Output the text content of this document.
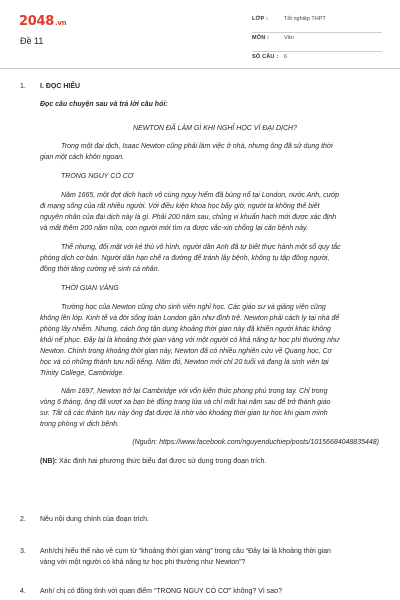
2048.vn
Đề 11
LỚP :	Tốt nghiệp THPT
MÔN :	Văn
SỐ CÂU : 6
1. I. ĐỌC HIỂU
Đọc câu chuyện sau và trả lời câu hỏi:
NEWTON ĐÃ LÀM GÌ KHI NGHỈ HỌC VÌ ĐẠI DỊCH?
Trong một đại dịch, Isaac Newton cũng phải làm việc ở nhà, nhưng ông đã sử dụng thời
gian một cách khôn ngoan.
TRONG NGUY CÓ CƠ
Năm 1665, một đợt dịch hạch vô cùng nguy hiểm đã bùng nổ tại London, nước Anh, cướp
đi mạng sống của rất nhiều người. Với điều kiện khoa học bấy giờ, người ta không thể biết
nguyên nhân của đại dịch này là gì. Phải 200 năm sau, chủng vi khuẩn hạch mới được xác định
và mất thêm 200 năm nữa, con người mới tìm ra được vắc-xin chống lại căn bệnh này.
Thế nhưng, đối mặt với kẻ thù vô hình, người dân Anh đã tự biết thực hành một số quy tắc
phòng dịch cơ bản. Người dân hạn chế ra đường để tránh lây bệnh, không tụ tập đông người,
đồng thời tăng cường vệ sinh cá nhân.
THỜI GIAN VÀNG
Trường học của Newton cũng cho sinh viên nghỉ học. Các giáo sư và giảng viên cũng
không lên lớp. Kinh tế và đời sống toàn London gần như đình trệ. Newton phải cách ly tại nhà để
phòng lây nhiễm. Nhưng, cách ông tận dụng khoảng thời gian này đã khiến người khác không
khỏi nể phục. Đây lại là khoảng thời gian vàng với một người có khả năng tự học phi thường như
Newton. Chính trong khoảng thời gian này, Newton đã có nhiều nghiên cứu về Quang học, Cơ
học và có những thành tựu nổi tiếng. Năm đó, Newton mới chỉ 20 tuổi và đang là sinh viên tại
Trinity College, Cambridge.
Năm 1697, Newton trở lại Cambridge với vốn kiến thức phong phú trong tay. Chỉ trong
vòng 6 tháng, ông đã vượt xa bạn bè đồng trang lứa và chỉ mất hai năm sau để trở thành giáo
sư. Tất cả các thành tựu này ông đạt được là nhờ vào khoảng thời gian tự học khi giam mình
trong phòng vì dịch bệnh.
(Nguồn: https://www.facebook.com/nguyenduchiep/posts/10156684048835448)
(NB): Xác định hai phương thức biểu đạt được sử dụng trong đoạn trích.
2. Nêu nội dung chính của đoạn trích.
3. Anh/chị hiểu thế nào về cụm từ “khoảng thời gian vàng” trong câu “Đây lại là khoảng thời gian
vàng với một người có khả năng tự học phi thường như Newton”?
4. Anh/ chị có đồng tình với quan điểm “TRONG NGUY CÓ CƠ” không? Vì sao?
